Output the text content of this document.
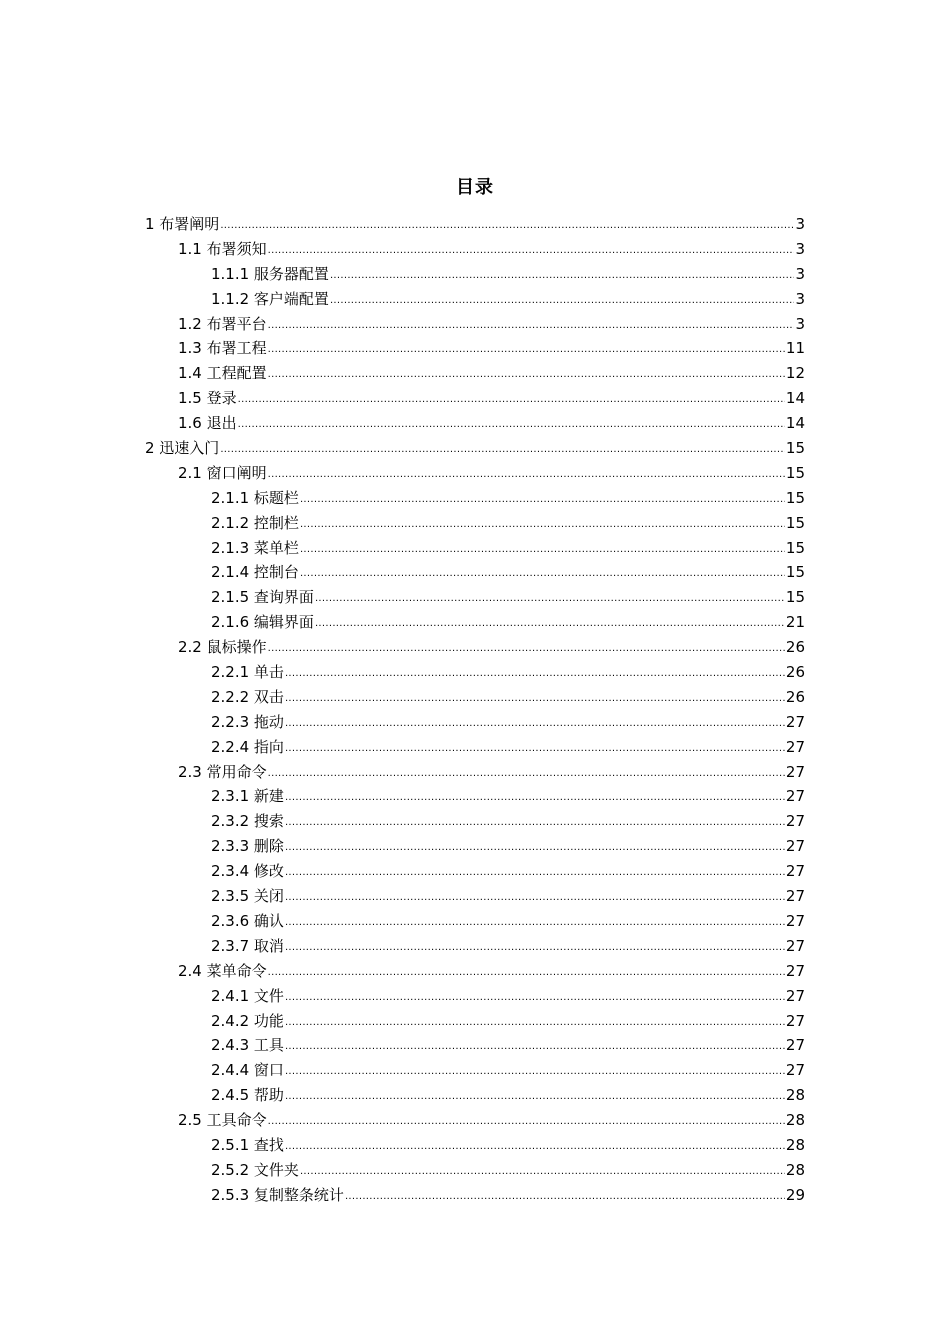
目录
1 布署阐明 .....	3
1.1 布署须知 .....	3
1.1.1 服务器配置 .....	3
1.1.2 客户端配置 .....	3
1.2 布署平台 .....	3
1.3 布署工程 .....	11
1.4 工程配置 .....	12
1.5 登录 .....	14
1.6 退出 .....	14
2 迅速入门 .....	15
2.1 窗口阐明 .....	15
2.1.1 标题栏 .....	15
2.1.2 控制栏 .....	15
2.1.3 菜单栏 .....	15
2.1.4 控制台 .....	15
2.1.5 查询界面 .....	15
2.1.6 编辑界面 .....	21
2.2 鼠标操作 .....	26
2.2.1 单击 .....	26
2.2.2 双击 .....	26
2.2.3 拖动 .....	27
2.2.4 指向 .....	27
2.3 常用命令 .....	27
2.3.1 新建 .....	27
2.3.2 搜索 .....	27
2.3.3 删除 .....	27
2.3.4 修改 .....	27
2.3.5 关闭 .....	27
2.3.6 确认 .....	27
2.3.7 取消 .....	27
2.4 菜单命令 .....	27
2.4.1 文件 .....	27
2.4.2 功能 .....	27
2.4.3 工具 .....	27
2.4.4 窗口 .....	27
2.4.5 帮助 .....	28
2.5 工具命令 .....	28
2.5.1 查找 .....	28
2.5.2 文件夹 .....	28
2.5.3 复制整条统计 .....	29
